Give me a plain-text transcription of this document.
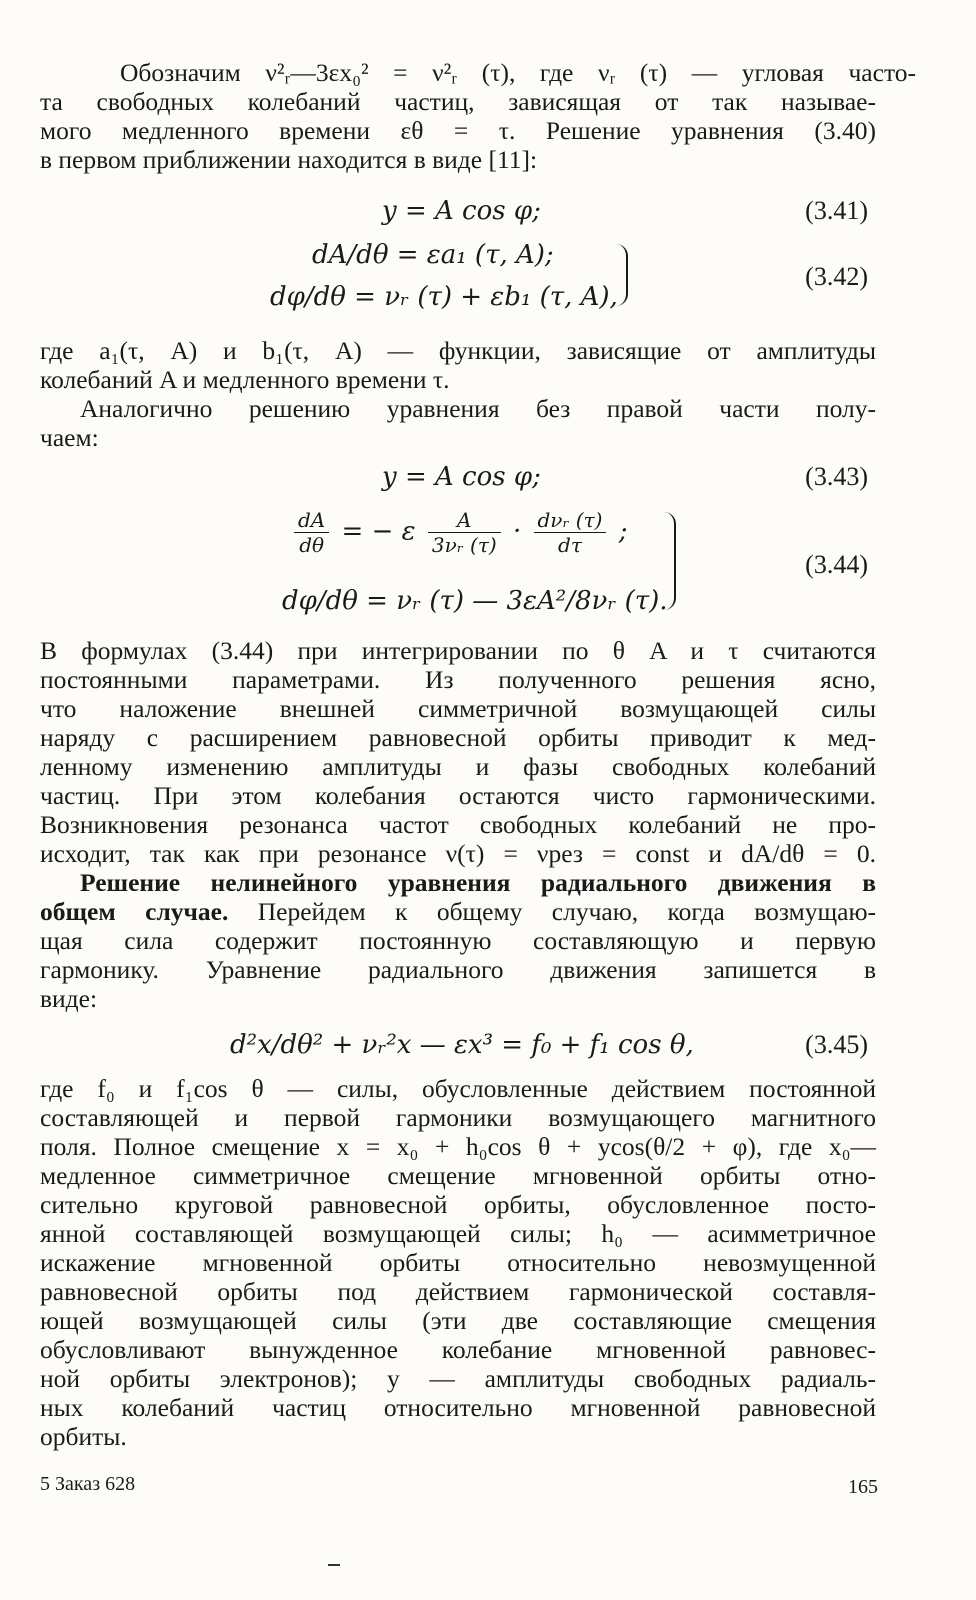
Обозначим ν²ᵣ—3εx₀² = ν²ᵣ (τ), где νᵣ (τ) — угловая часто-
та свободных колебаний частиц, зависящая от так называе-
мого медленного времени εθ = τ. Решение уравнения (3.40)
в первом приближении находится в виде [11]:
y = A cos φ;	(3.41)
dA/dθ = εa₁ (τ, A);
dφ/dθ = νᵣ (τ) + εb₁ (τ, A),
(3.42)
где a₁(τ, A) и b₁(τ, A) — функции, зависящие от амплитуды
колебаний A и медленного времени τ.
Аналогично решению уравнения без правой части полу-
чаем:
y = A cos φ;	(3.43)
$\frac{dA}{d\theta}$ = − ε $\frac{A}{\text{3νᵣ (τ)}} \cdot \frac{\text{dνᵣ (τ)}}{d\tau}$ ;
dφ/dθ = νᵣ (τ) — 3εA²/8νᵣ (τ).
(3.44)
В формулах (3.44) при интегрировании по θ A и τ считаются
постоянными параметрами. Из полученного решения ясно,
что наложение внешней симметричной возмущающей силы
наряду с расширением равновесной орбиты приводит к мед-
ленному изменению амплитуды и фазы свободных колебаний
частиц. При этом колебания остаются чисто гармоническими.
Возникновения резонанса частот свободных колебаний не про-
исходит, так как при резонансе ν(τ) = νрез = const и dA/dθ = 0.
Решение нелинейного уравнения радиального движения в
общем случае. Перейдем к общему случаю, когда возмущаю-
щая сила содержит постоянную составляющую и первую
гармонику. Уравнение радиального движения запишется в
виде:
d²x/dθ² + νᵣ²x — εx³ = f₀ + f₁ cos θ,	(3.45)
где f₀ и f₁cos θ — силы, обусловленные действием постоянной
составляющей и первой гармоники возмущающего магнитного
поля. Полное смещение x = x₀ + h₀cos θ + ycos(θ/2 + φ), где x₀—
медленное симметричное смещение мгновенной орбиты отно-
сительно круговой равновесной орбиты, обусловленное посто-
янной составляющей возмущающей силы; h₀ — асимметричное
искажение мгновенной орбиты относительно невозмущенной
равновесной орбиты под действием гармонической составля-
ющей возмущающей силы (эти две составляющие смещения
обусловливают вынужденное колебание мгновенной равновес-
ной орбиты электронов); y — амплитуды свободных радиаль-
ных колебаний частиц относительно мгновенной равновесной
орбиты.
5 Заказ 628	165
